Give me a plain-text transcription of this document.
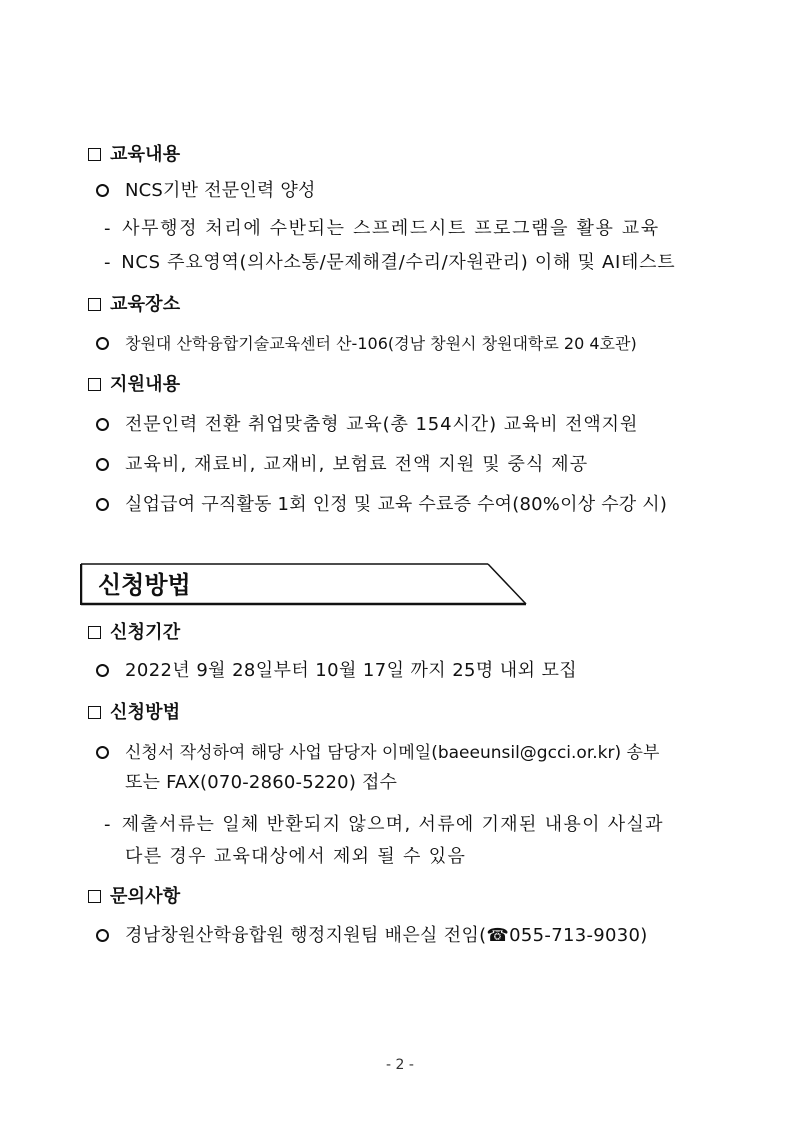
교육내용
NCS기반 전문인력 양성
- 사무행정 처리에 수반되는 스프레드시트 프로그램을 활용 교육
- NCS 주요영역(의사소통/문제해결/수리/자원관리) 이해 및 AI테스트
교육장소
창원대 산학융합기술교육센터 산-106(경남 창원시 창원대학로 20 4호관)
지원내용
전문인력 전환 취업맞춤형 교육(총 154시간) 교육비 전액지원
교육비, 재료비, 교재비, 보험료 전액 지원 및 중식 제공
실업급여 구직활동 1회 인정 및 교육 수료증 수여(80%이상 수강 시)
신청방법
신청기간
2022년 9월 28일부터 10월 17일 까지 25명 내외 모집
신청방법
신청서 작성하여 해당 사업 담당자 이메일(baeeunsil@gcci.or.kr) 송부
또는 FAX(070-2860-5220) 접수
- 제출서류는 일체 반환되지 않으며, 서류에 기재된 내용이 사실과
다른 경우 교육대상에서 제외 될 수 있음
문의사항
경남창원산학융합원 행정지원팀 배은실 전임(☎055-713-9030)
- 2 -
